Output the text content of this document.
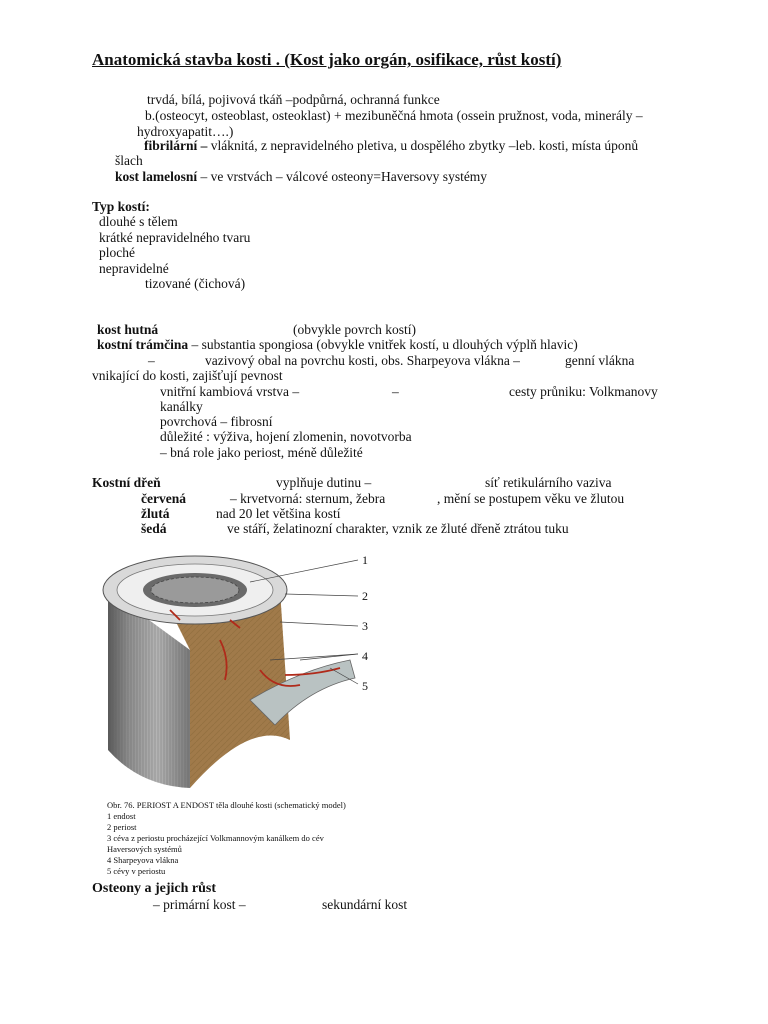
Anatomická stavba kosti . (Kost jako orgán, osifikace, růst kostí)
trvdá, bílá, pojivová tkáň –podpůrná, ochranná funkce
b.(osteocyt, osteoblast, osteoklast) + mezibuněčná hmota (ossein pružnost, voda, minerály –
hydroxyapatit….)
fibrilární – vláknitá, z nepravidelného pletiva, u dospělého zbytky –leb. kosti, místa úponů
šlach
kost lamelosní – ve vrstvách – válcové osteony=Haversovy systémy
Typ kostí:
dlouhé s tělem
krátké nepravidelného tvaru
ploché
nepravidelné
tizované (čichová)
kost hutná	(obvykle povrch kostí)
kostní trámčina – substantia spongiosa (obvykle vnitřek kostí, u dlouhých výplň hlavic)
–	vazivový obal na povrchu kosti, obs. Sharpeyova vlákna –	genní vlákna
vnikající do kosti, zajišťují pevnost
vnitřní kambiová vrstva –	–	cesty průniku: Volkmanovy
kanálky
povrchová – fibrosní
důležité : výživa, hojení zlomenin, novotvorba
– bná role jako periost, méně důležité
Kostní dřeň	vyplňuje dutinu –	síť retikulárního vaziva
červená	– krvetvorná: sternum, žebra	, mění se postupem věku ve žlutou
žlutá	nad 20 let většina kostí
šedá	ve stáří, želatinozní charakter, vznik ze žluté dřeně ztrátou tuku
1
2
3
4
5
Obr. 76. PERIOST A ENDOST těla dlouhé kosti (schematický model)
1 endost
2 periost
3 céva z periostu procházející Volkmannovým kanálkem do cév
Haversových systémů
4 Sharpeyova vlákna
5 cévy v periostu
Osteony a jejich růst
– primární kost –	sekundární kost
